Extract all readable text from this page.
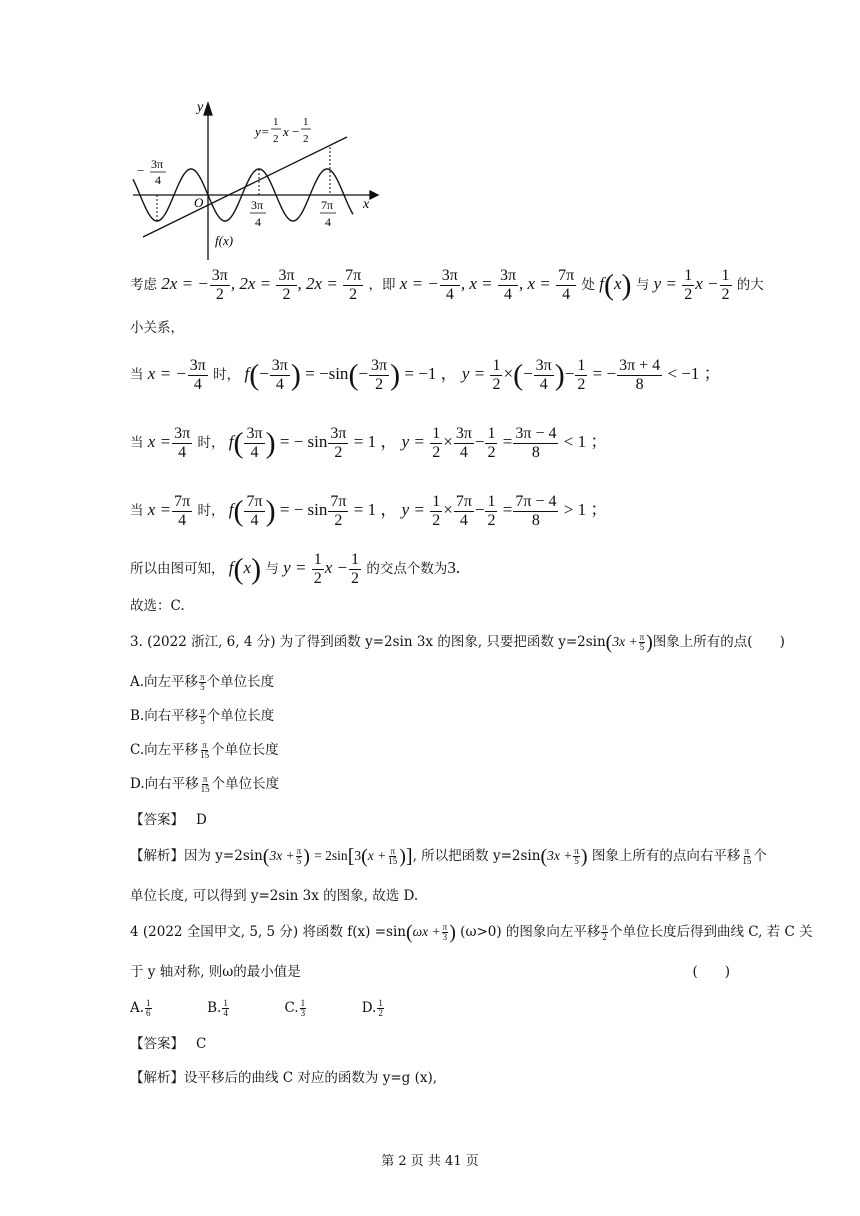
y
x
O
f(x)
y=
1
2 x −
1
2
− 3π
4
3π
4
7π
4
考虑 2x = − $\frac{3\pi}{2}$ , $2x = \frac{3\pi}{2}$ , $2x = \frac{7\pi}{2}$ ，即 x = − $\frac{3\pi}{4}$ , $x = \frac{3\pi}{4}$ , $x = \frac{7\pi}{4}$ 处 f(x) 与 $y = \frac{1}{2}$ $x - \frac{1}{2}$ 的大
小关系，
当 x = − $\frac{3\pi}{4}$ 时， $f(- \frac{3\pi}{4}$ ) = $-\sin(- \frac{3\pi}{2}$ ) = −1 ， $y = \frac{1}{2}$ ×(− $\frac{3\pi}{4}$ )− $\frac{1}{2}$ = − $\frac{3\pi + 4}{8} < -1$ ；
当 $x = \frac{3\pi}{4}$ 时， $f( \frac{3\pi}{4}$ ) = − $\sin \frac{3\pi}{2} = 1$ ， $y = \frac{1}{2} \times \frac{3\pi}{4} - \frac{1}{2} = \frac{3\pi - 4}{8} < 1$ ；
当 $x = \frac{7\pi}{4}$ 时， $f( \frac{7\pi}{4}$ ) = − $\sin \frac{7\pi}{2} = 1$ ， $y = \frac{1}{2} \times \frac{7\pi}{4} - \frac{1}{2} = \frac{7\pi - 4}{8} > 1$ ；
所以由图可知， f(x) 与 $y = \frac{1}{2}$ $x - \frac{1}{2}$ 的交点个数为3.
故选：C.
3. (2022 浙江, 6, 4 分) 为了得到函数 y=2sin 3x 的图象, 只要把函数 $y=2\sin(3x + \frac{\pi}{5}$ )图象上所有的点(　　)
A.向左平移 $\frac{\pi}{5}$ 个单位长度
B.向右平移 $\frac{\pi}{5}$ 个单位长度
C.向左平移 $\frac{\pi}{15}$ 个单位长度
D.向右平移 $\frac{\pi}{15}$ 个单位长度
【答案】 D
【解析】因为 $y=2\sin(3x + \frac{\pi}{5}$ ) = $2\sin[3(x + \frac{\pi}{15}$ )], 所以把函数 $y=2\sin(3x + \frac{\pi}{5}$ ) 图象上所有的点向右平移 $\frac{\pi}{15}$ 个
单位长度, 可以得到 y=2sin 3x 的图象, 故选 D.
4 (2022 全国甲文, 5, 5 分) 将函数 $f(x) =\sin(\omega x + \frac{\pi}{3}$ ) (ω>0) 的图象向左平移 $\frac{\pi}{2}$ 个单位长度后得到曲线 C, 若 C 关
于 y 轴对称, 则ω的最小值是	(　　)
A. $\frac{1}{6}$	B. $\frac{1}{4}$	C. $\frac{1}{3}$	D. $\frac{1}{2}$
【答案】 C
【解析】设平移后的曲线 C 对应的函数为 y=g (x),
第 2 页 共 41 页
